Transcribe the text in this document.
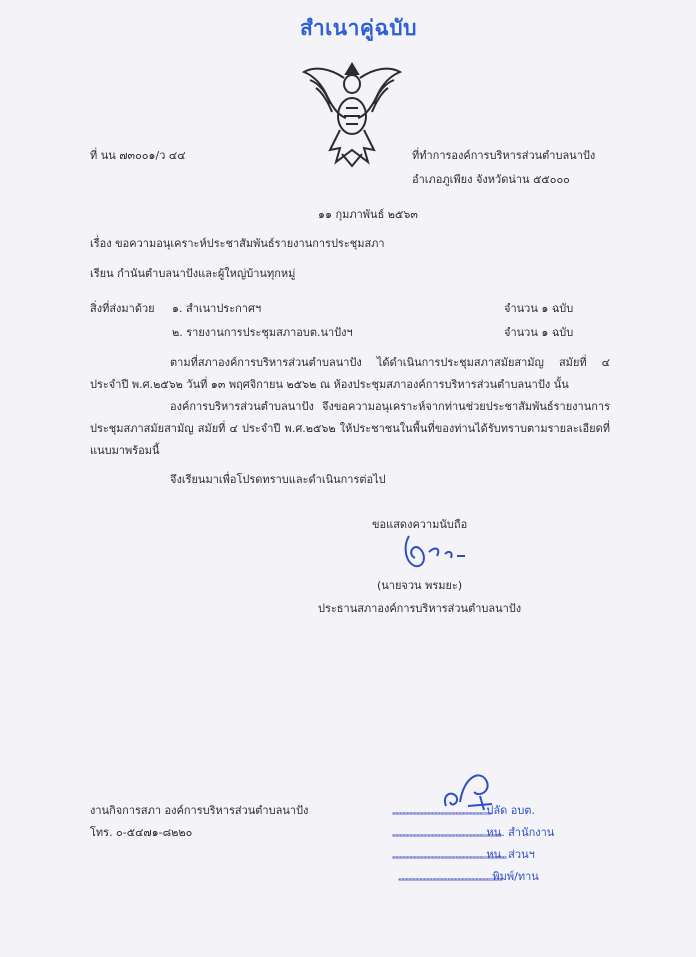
สำเนาคู่ฉบับ
ที่ นน ๗๓๐๐๑/ว ๔๔	ที่ทำการองค์การบริหารส่วนตำบลนาปัง
อำเภอภูเพียง จังหวัดน่าน ๕๕๐๐๐
๑๑ กุมภาพันธ์ ๒๕๖๓
เรื่อง ขอความอนุเคราะห์ประชาสัมพันธ์รายงานการประชุมสภา
เรียน กำนันตำบลนาปังและผู้ใหญ่บ้านทุกหมู่
สิ่งที่ส่งมาด้วย ๑. สำเนาประกาศฯ	จำนวน ๑ ฉบับ
๒. รายงานการประชุมสภาอบต.นาปังฯ	จำนวน ๑ ฉบับ
ตามที่สภาองค์การบริหารส่วนตำบลนาปัง ได้ดำเนินการประชุมสภาสมัยสามัญ สมัยที่ ๔ ประจำปี พ.ศ.๒๕๖๒ วันที่ ๑๓ พฤศจิกายน ๒๕๖๒ ณ ห้องประชุมสภาองค์การบริหารส่วนตำบลนาปัง นั้น
องค์การบริหารส่วนตำบลนาปัง จึงขอความอนุเคราะห์จากท่านช่วยประชาสัมพันธ์รายงานการประชุมสภาสมัยสามัญ สมัยที่ ๔ ประจำปี พ.ศ.๒๕๖๒ ให้ประชาชนในพื้นที่ของท่านได้รับทราบตามรายละเอียดที่แนบมาพร้อมนี้
จึงเรียนมาเพื่อโปรดทราบและดำเนินการต่อไป
ขอแสดงความนับถือ
(นายจวน พรมยะ)
ประธานสภาองค์การบริหารส่วนตำบลนาปัง
งานกิจการสภา องค์การบริหารส่วนตำบลนาปัง
โทร. ๐-๕๔๗๑-๘๒๒๐
.......................... ปลัด อบต.
.......................... หน. สำนักงาน
.......................... หน. ส่วนฯ
.......................... พิมพ์/ทาน
